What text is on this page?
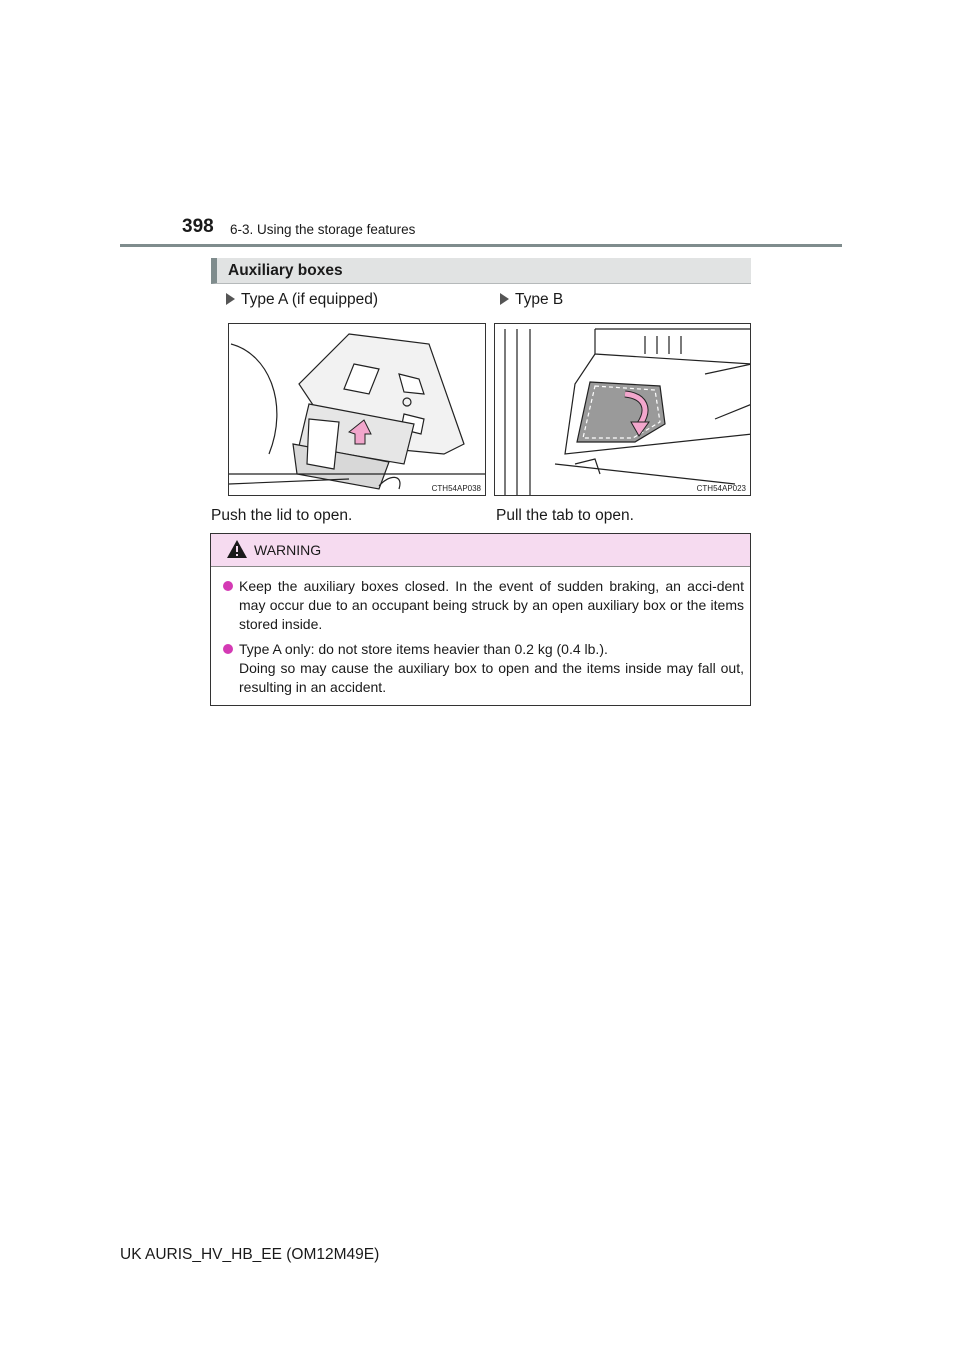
398 6-3. Using the storage features
Auxiliary boxes
Type A (if equipped)	Type B
CTH54AP038	CTH54AP023
Push the lid to open.	Pull the tab to open.
WARNING

Keep the auxiliary boxes closed. In the event of sudden braking, an acci-dent may occur due to an occupant being struck by an open auxiliary box or the items stored inside.

Type A only: do not store items heavier than 0.2 kg (0.4 lb.).

Doing so may cause the auxiliary box to open and the items inside may fall out, resulting in an accident.

UK AURIS_HV_HB_EE (OM12M49E)
